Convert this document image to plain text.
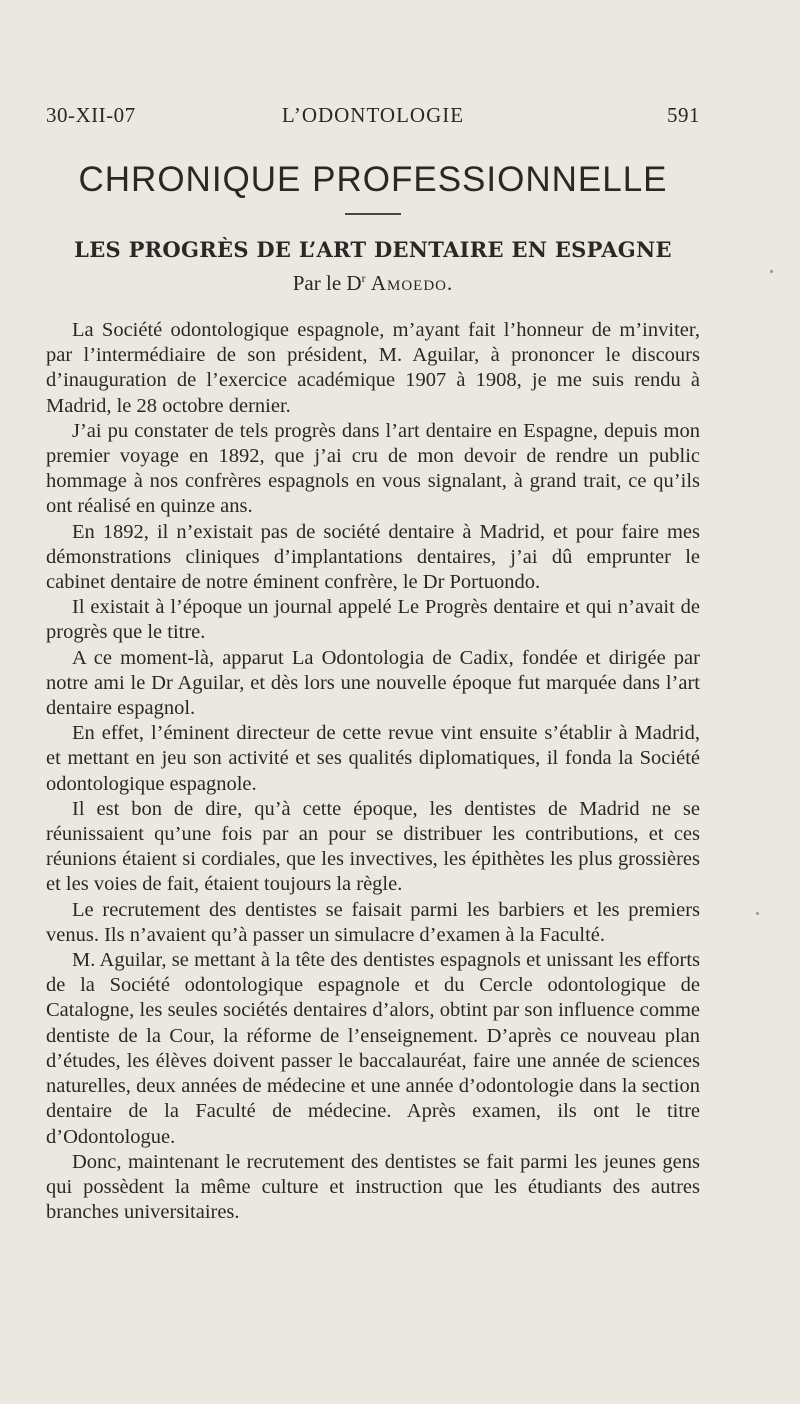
30-XII-07	L’ODONTOLOGIE	591
CHRONIQUE PROFESSIONNELLE
LES PROGRÈS DE L’ART DENTAIRE EN ESPAGNE
Par le $D^r$ Amoedo.

La Société odontologique espagnole, m’ayant fait l’honneur de m’inviter, par l’intermédiaire de son président, M. Aguilar, à prononcer le discours d’inauguration de l’exercice académique 1907 à 1908, je me suis rendu à Madrid, le 28 octobre dernier.

J’ai pu constater de tels progrès dans l’art dentaire en Espagne, depuis mon premier voyage en 1892, que j’ai cru de mon devoir de rendre un public hommage à nos confrères espagnols en vous signalant, à grand trait, ce qu’ils ont réalisé en quinze ans.

En 1892, il n’existait pas de société dentaire à Madrid, et pour faire mes démonstrations cliniques d’implantations dentaires, j’ai dû emprunter le cabinet dentaire de notre éminent confrère, le Dr Portuondo.

Il existait à l’époque un journal appelé Le Progrès dentaire et qui n’avait de progrès que le titre.

A ce moment-là, apparut La Odontologia de Cadix, fondée et dirigée par notre ami le Dr Aguilar, et dès lors une nouvelle époque fut marquée dans l’art dentaire espagnol.

En effet, l’éminent directeur de cette revue vint ensuite s’établir à Madrid, et mettant en jeu son activité et ses qualités diplomatiques, il fonda la Société odontologique espagnole.

Il est bon de dire, qu’à cette époque, les dentistes de Madrid ne se réunissaient qu’une fois par an pour se distribuer les contributions, et ces réunions étaient si cordiales, que les invectives, les épithètes les plus grossières et les voies de fait, étaient toujours la règle.

Le recrutement des dentistes se faisait parmi les barbiers et les premiers venus. Ils n’avaient qu’à passer un simulacre d’examen à la Faculté.

M. Aguilar, se mettant à la tête des dentistes espagnols et unissant les efforts de la Société odontologique espagnole et du Cercle odontologique de Catalogne, les seules sociétés dentaires d’alors, obtint par son influence comme dentiste de la Cour, la réforme de l’enseignement. D’après ce nouveau plan d’études, les élèves doivent passer le baccalauréat, faire une année de sciences naturelles, deux années de médecine et une année d’odontologie dans la section dentaire de la Faculté de médecine. Après examen, ils ont le titre d’Odontologue.

Donc, maintenant le recrutement des dentistes se fait parmi les jeunes gens qui possèdent la même culture et instruction que les étudiants des autres branches universitaires.
